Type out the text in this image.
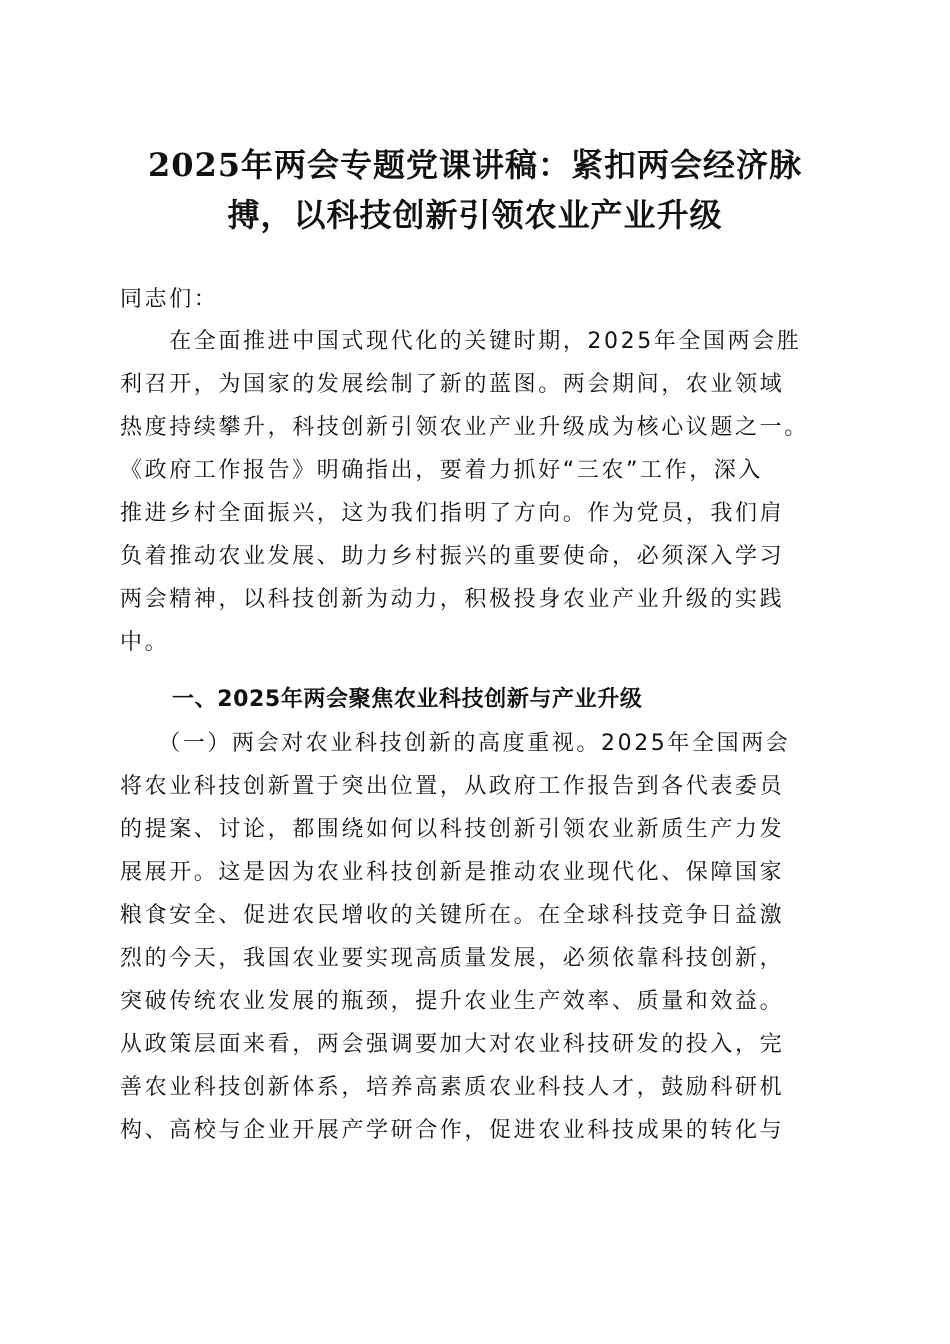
2025年两会专题党课讲稿：紧扣两会经济脉
搏，以科技创新引领农业产业升级
同志们：
　　在全面推进中国式现代化的关键时期，2025年全国两会胜
利召开，为国家的发展绘制了新的蓝图。两会期间，农业领域
热度持续攀升，科技创新引领农业产业升级成为核心议题之一。
《政府工作报告》明确指出，要着力抓好“三农”工作，深入
推进乡村全面振兴，这为我们指明了方向。作为党员，我们肩
负着推动农业发展、助力乡村振兴的重要使命，必须深入学习
两会精神，以科技创新为动力，积极投身农业产业升级的实践
中。
一、2025年两会聚焦农业科技创新与产业升级
　　（一）两会对农业科技创新的高度重视。2025年全国两会
将农业科技创新置于突出位置，从政府工作报告到各代表委员
的提案、讨论，都围绕如何以科技创新引领农业新质生产力发
展展开。这是因为农业科技创新是推动农业现代化、保障国家
粮食安全、促进农民增收的关键所在。在全球科技竞争日益激
烈的今天，我国农业要实现高质量发展，必须依靠科技创新，
突破传统农业发展的瓶颈，提升农业生产效率、质量和效益。
从政策层面来看，两会强调要加大对农业科技研发的投入，完
善农业科技创新体系，培养高素质农业科技人才，鼓励科研机
构、高校与企业开展产学研合作，促进农业科技成果的转化与
